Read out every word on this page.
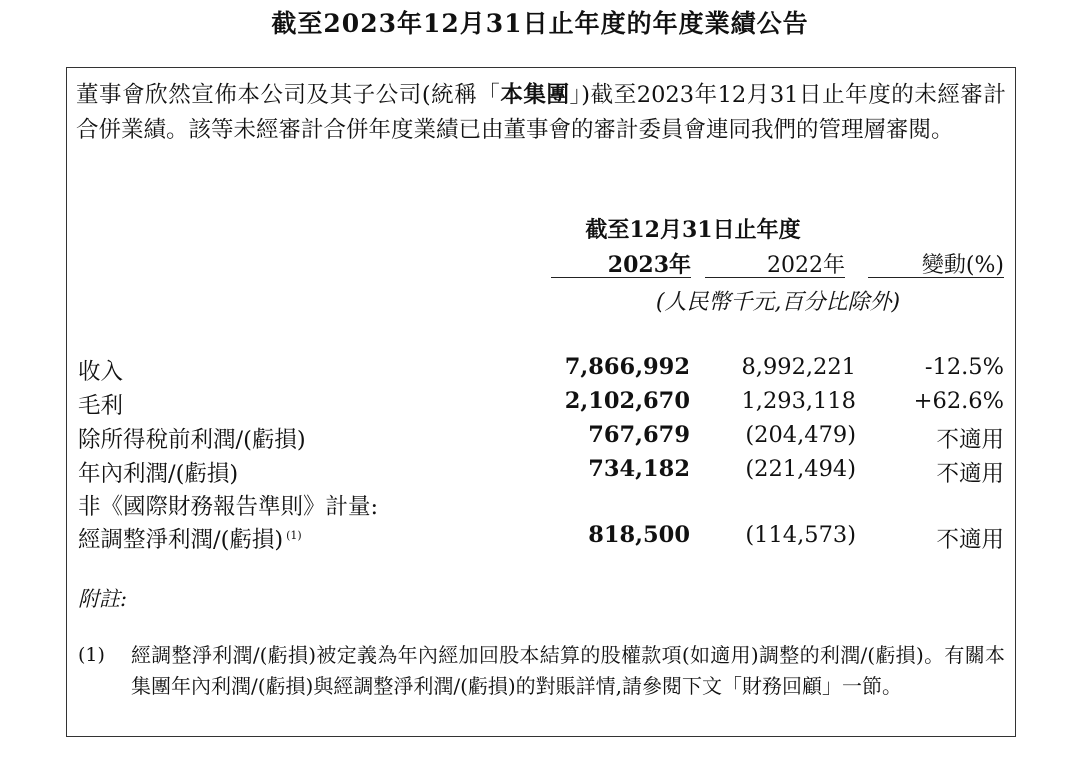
截至2023年12月31日止年度的年度業績公告
董事會欣然宣佈本公司及其子公司(統稱「本集團」)截至2023年12月31日止年度的未經審計合併業績。該等未經審計合併年度業績已由董事會的審計委員會連同我們的管理層審閱。
截至12月31日止年度
2023年	2022年	變動(%)
(人民幣千元,百分比除外)
收入	7,866,992	8,992,221	-12.5%
毛利	2,102,670	1,293,118	+62.6%
除所得稅前利潤/(虧損)	767,679	(204,479)	不適用
年內利潤/(虧損)	734,182	(221,494)	不適用
非《國際財務報告準則》計量:
經調整淨利潤/(虧損) $^{(1)}$	818,500	(114,573)	不適用
附註:
(1) 經調整淨利潤/(虧損)被定義為年內經加回股本結算的股權款項(如適用)調整的利潤/(虧損)。有關本集團年內利潤/(虧損)與經調整淨利潤/(虧損)的對賬詳情,請參閱下文「財務回顧」一節。
